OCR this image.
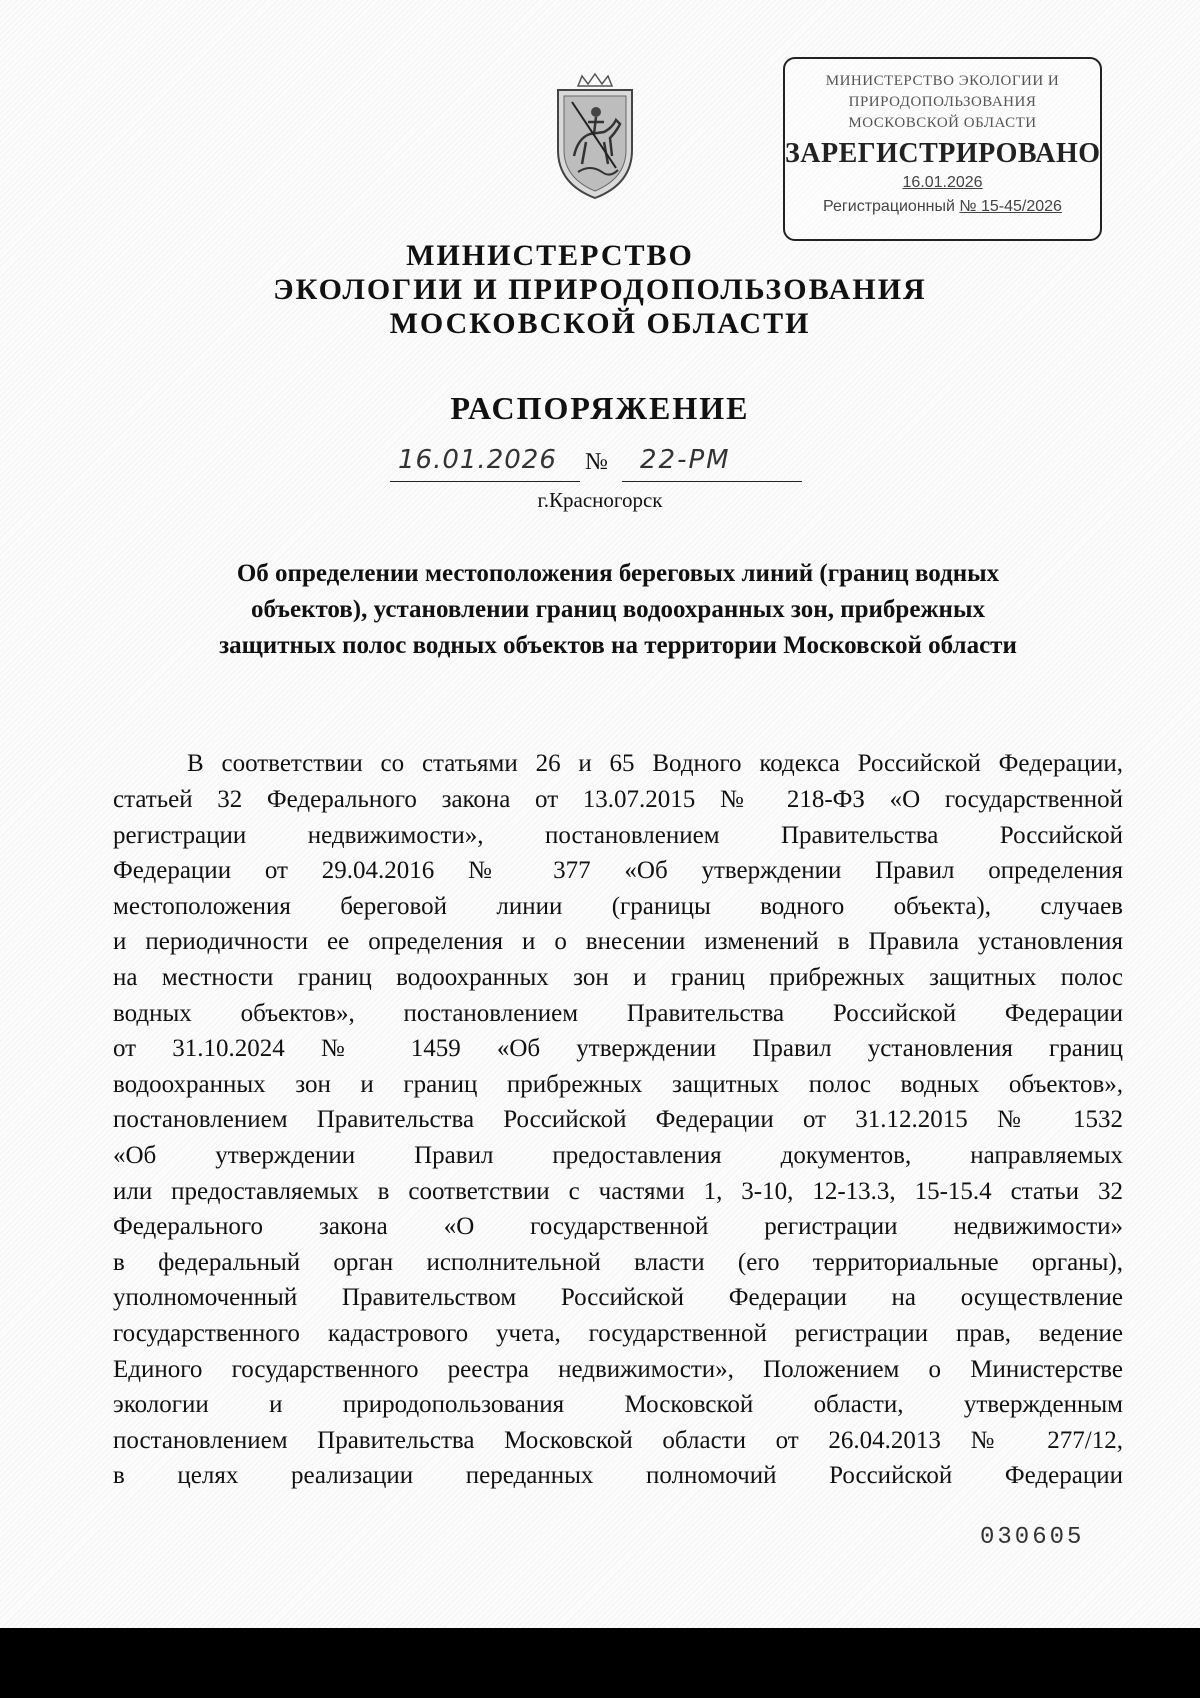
МИНИСТЕРСТВО ЭКОЛОГИИ И
ПРИРОДОПОЛЬЗОВАНИЯ
МОСКОВСКОЙ ОБЛАСТИ
ЗАРЕГИСТРИРОВАНО
16.01.2026
Регистрационный № 15-45/2026
МИНИСТЕРСТВО
ЭКОЛОГИИ И ПРИРОДОПОЛЬЗОВАНИЯ
МОСКОВСКОЙ ОБЛАСТИ
РАСПОРЯЖЕНИЕ
16.01.2026	№ 22-РМ
г.Красногорск
Об определении местоположения береговых линий (границ водных
объектов), установлении границ водоохранных зон, прибрежных
защитных полос водных объектов на территории Московской области
В соответствии со статьями 26 и 65 Водного кодекса Российской Федерации,
статьей 32 Федерального закона от 13.07.2015 № 218-ФЗ «О государственной
регистрации недвижимости», постановлением Правительства Российской
Федерации от 29.04.2016 № 377 «Об утверждении Правил определения
местоположения береговой линии (границы водного объекта), случаев
и периодичности ее определения и о внесении изменений в Правила установления
на местности границ водоохранных зон и границ прибрежных защитных полос
водных объектов», постановлением Правительства Российской Федерации
от 31.10.2024 № 1459 «Об утверждении Правил установления границ
водоохранных зон и границ прибрежных защитных полос водных объектов»,
постановлением Правительства Российской Федерации от 31.12.2015 № 1532
«Об утверждении Правил предоставления документов, направляемых
или предоставляемых в соответствии с частями 1, 3-10, 12-13.3, 15-15.4 статьи 32
Федерального закона «О государственной регистрации недвижимости»
в федеральный орган исполнительной власти (его территориальные органы),
уполномоченный Правительством Российской Федерации на осуществление
государственного кадастрового учета, государственной регистрации прав, ведение
Единого государственного реестра недвижимости», Положением о Министерстве
экологии и природопользования Московской области, утвержденным
постановлением Правительства Московской области от 26.04.2013 № 277/12,
в целях реализации переданных полномочий Российской Федерации
030605
